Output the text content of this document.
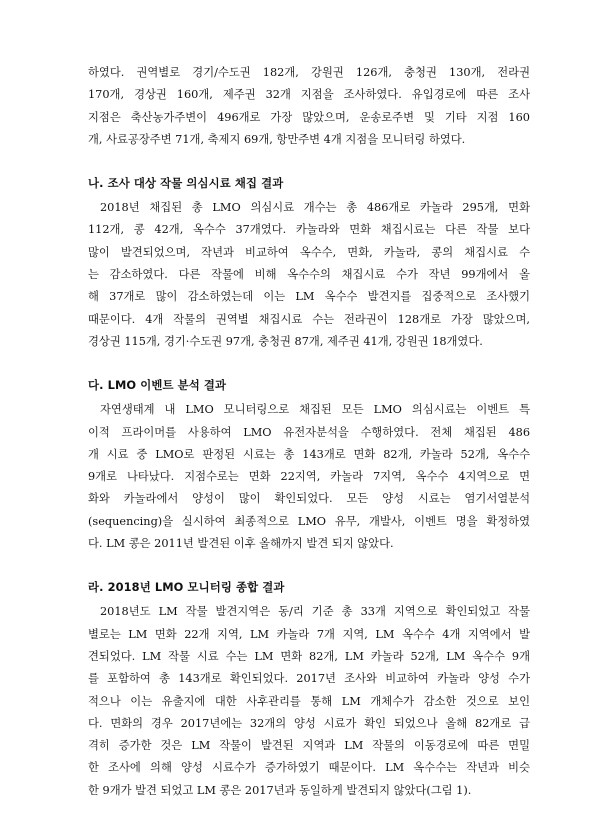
하였다. 권역별로 경기/수도권 182개, 강원권 126개, 충청권 130개, 전라권
170개, 경상권 160개, 제주권 32개 지점을 조사하였다. 유입경로에 따른 조사
지점은 축산농가주변이 496개로 가장 많았으며, 운송로주변 및 기타 지점 160
개, 사료공장주변 71개, 축제지 69개, 항만주변 4개 지점을 모니터링 하였다.
나. 조사 대상 작물 의심시료 채집 결과
2018년 채집된 총 LMO 의심시료 개수는 총 486개로 카놀라 295개, 면화
112개, 콩 42개, 옥수수 37개였다. 카놀라와 면화 채집시료는 다른 작물 보다
많이 발견되었으며, 작년과 비교하여 옥수수, 면화, 카놀라, 콩의 채집시료 수
는 감소하였다. 다른 작물에 비해 옥수수의 채집시료 수가 작년 99개에서 올
해 37개로 많이 감소하였는데 이는 LM 옥수수 발견지를 집중적으로 조사했기
때문이다. 4개 작물의 권역별 채집시료 수는 전라권이 128개로 가장 많았으며,
경상권 115개, 경기·수도권 97개, 충청권 87개, 제주권 41개, 강원권 18개였다.
다. LMO 이벤트 분석 결과
자연생태계 내 LMO 모니터링으로 채집된 모든 LMO 의심시료는 이벤트 특
이적 프라이머를 사용하여 LMO 유전자분석을 수행하였다. 전체 채집된 486
개 시료 중 LMO로 판정된 시료는 총 143개로 면화 82개, 카놀라 52개, 옥수수
9개로 나타났다. 지점수로는 면화 22지역, 카놀라 7지역, 옥수수 4지역으로 면
화와 카놀라에서 양성이 많이 확인되었다. 모든 양성 시료는 염기서열분석
(sequencing)을 실시하여 최종적으로 LMO 유무, 개발사, 이벤트 명을 확정하였
다. LM 콩은 2011년 발견된 이후 올해까지 발견 되지 않았다.
라. 2018년 LMO 모니터링 종합 결과
2018년도 LM 작물 발견지역은 동/리 기준 총 33개 지역으로 확인되었고 작물
별로는 LM 면화 22개 지역, LM 카놀라 7개 지역, LM 옥수수 4개 지역에서 발
견되었다. LM 작물 시료 수는 LM 면화 82개, LM 카놀라 52개, LM 옥수수 9개
를 포함하여 총 143개로 확인되었다. 2017년 조사와 비교하여 카놀라 양성 수가
적으나 이는 유출지에 대한 사후관리를 통해 LM 개체수가 감소한 것으로 보인
다. 면화의 경우 2017년에는 32개의 양성 시료가 확인 되었으나 올해 82개로 급
격히 증가한 것은 LM 작물이 발견된 지역과 LM 작물의 이동경로에 따른 면밀
한 조사에 의해 양성 시료수가 증가하였기 때문이다. LM 옥수수는 작년과 비슷
한 9개가 발견 되었고 LM 콩은 2017년과 동일하게 발견되지 않았다(그림 1).
